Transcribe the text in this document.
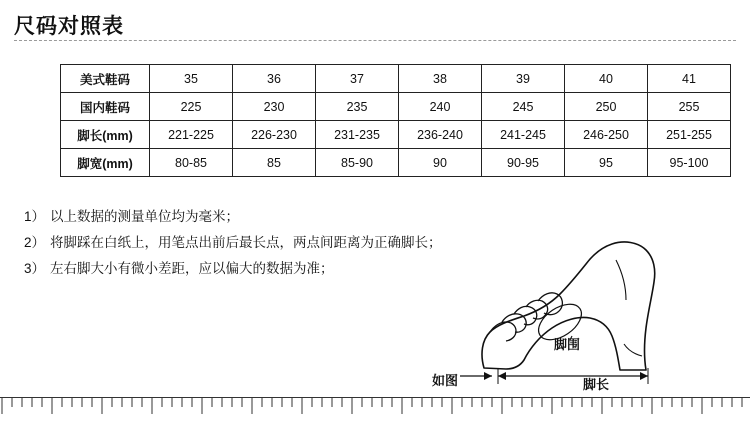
尺码对照表
美式鞋码	35	36	37	38	39	40	41
国内鞋码	225	230	235	240	245	250	255
脚长(mm)	221-225	226-230	231-235	236-240	241-245	246-250	251-255
脚宽(mm)	80-85	85	85-90	90	90-95	95	95-100
1） 以上数据的测量单位均为毫米；
2） 将脚踩在白纸上，用笔点出前后最长点，两点间距离为正确脚长；
3） 左右脚大小有微小差距，应以偏大的数据为准；
脚围
脚长
如图
